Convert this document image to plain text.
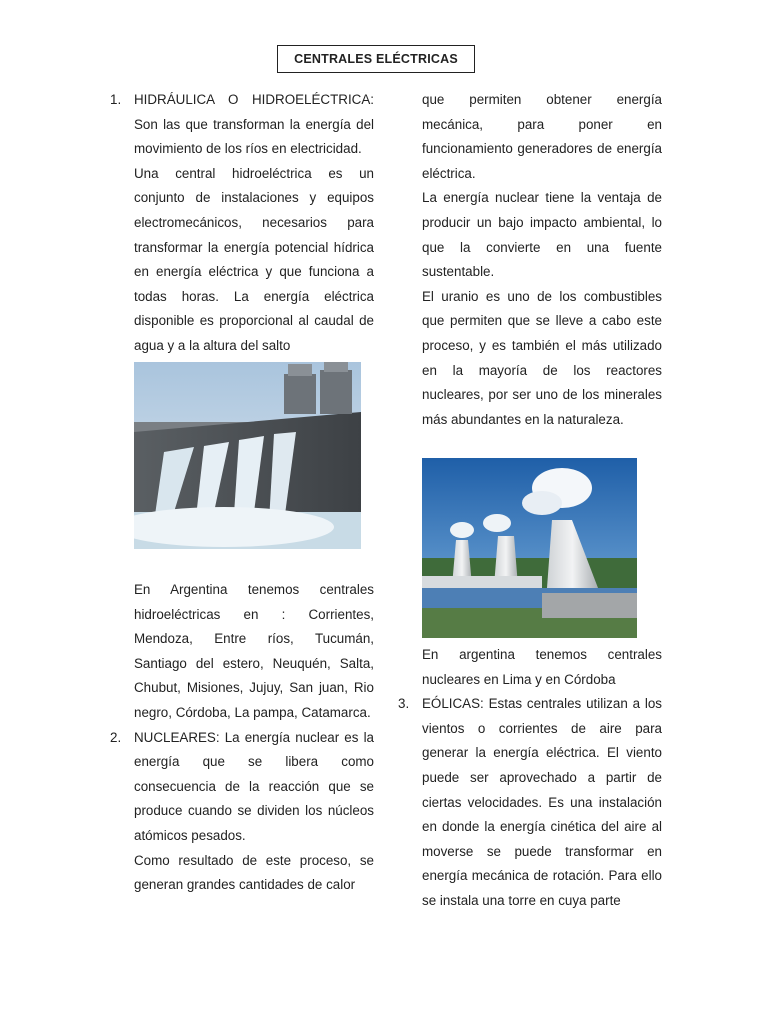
CENTRALES ELÉCTRICAS
1. HIDRÁULICA O HIDROELÉCTRICA: Son las que transforman la energía del movimiento de los ríos en electricidad.

Una central hidroeléctrica es un conjunto de instalaciones y equipos electromecánicos, necesarios para transformar la energía potencial hídrica en energía eléctrica y que funciona a todas horas. La energía eléctrica disponible es proporcional al caudal de agua y a la altura del salto

En Argentina tenemos centrales hidroeléctricas en : Corrientes, Mendoza, Entre ríos, Tucumán, Santiago del estero, Neuquén, Salta, Chubut, Misiones, Jujuy, San juan, Rio negro, Córdoba, La pampa, Catamarca.

2. NUCLEARES: La energía nuclear es la energía que se libera como consecuencia de la reacción que se produce cuando se dividen los núcleos atómicos pesados.

Como resultado de este proceso, se generan grandes cantidades de calor

que permiten obtener energía mecánica, para poner en funcionamiento generadores de energía eléctrica.

La energía nuclear tiene la ventaja de producir un bajo impacto ambiental, lo que la convierte en una fuente sustentable.

El uranio es uno de los combustibles que permiten que se lleve a cabo este proceso, y es también el más utilizado en la mayoría de los reactores nucleares, por ser uno de los minerales más abundantes en la naturaleza.

En argentina tenemos centrales nucleares en Lima y en Córdoba

3. EÓLICAS: Estas centrales utilizan a los vientos o corrientes de aire para generar la energía eléctrica. El viento puede ser aprovechado a partir de ciertas velocidades. Es una instalación en donde la energía cinética del aire al moverse se puede transformar en energía mecánica de rotación. Para ello se instala una torre en cuya parte
